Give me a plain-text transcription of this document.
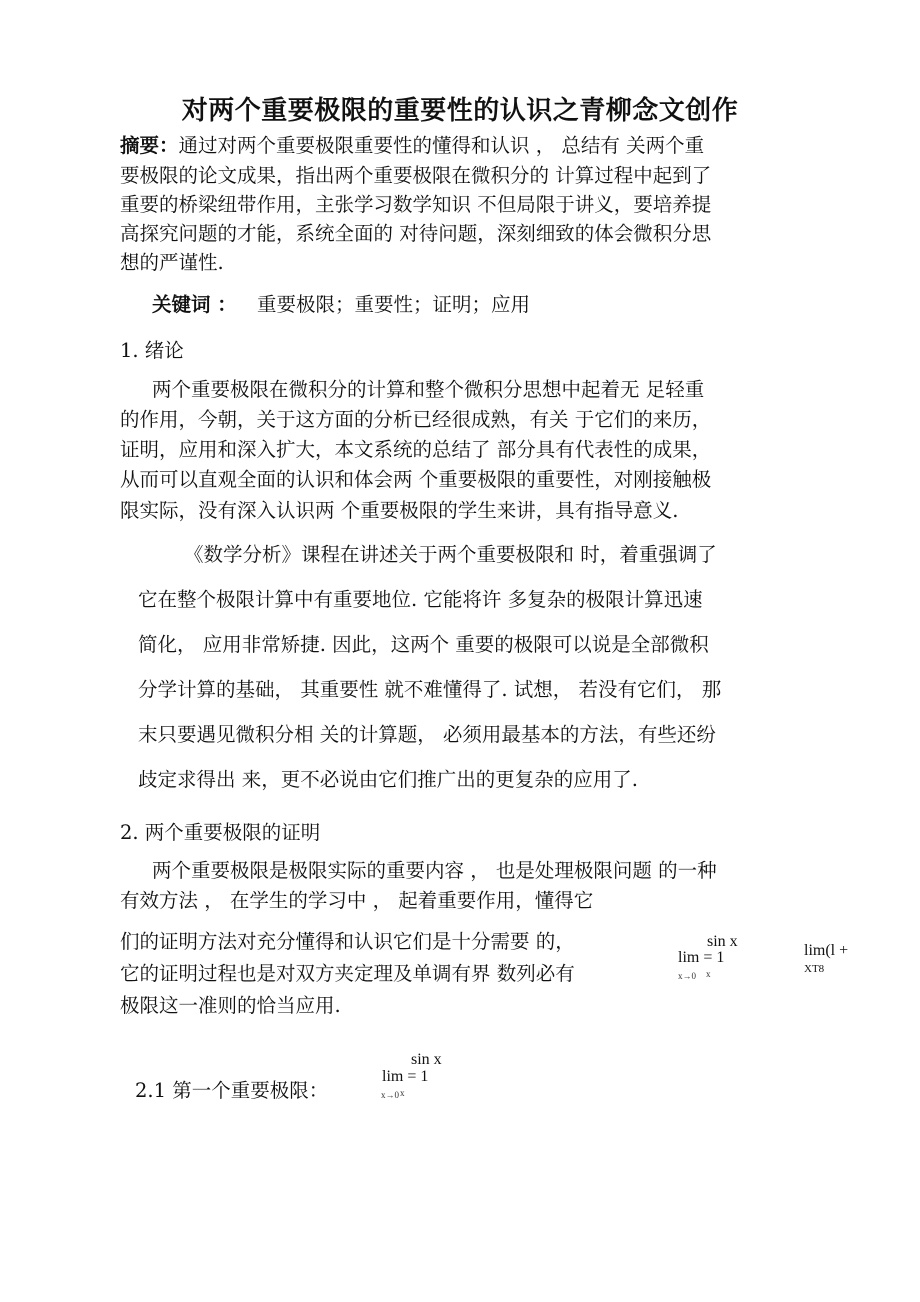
对两个重要极限的重要性的认识之青柳念文创作
摘要：通过对两个重要极限重要性的懂得和认识 ， 总结有 关两个重
要极限的论文成果，指出两个重要极限在微积分的 计算过程中起到了
重要的桥梁纽带作用，主张学习数学知识 不但局限于讲义，要培养提
高探究问题的才能，系统全面的 对待问题，深刻细致的体会微积分思
想的严谨性.
关键词 ： 重要极限；重要性；证明；应用
1. 绪论
两个重要极限在微积分的计算和整个微积分思想中起着无 足轻重
的作用，今朝，关于这方面的分析已经很成熟，有关 于它们的来历，
证明，应用和深入扩大，本文系统的总结了 部分具有代表性的成果，
从而可以直观全面的认识和体会两 个重要极限的重要性，对刚接触极
限实际，没有深入认识两 个重要极限的学生来讲，具有指导意义.
《数学分析》课程在讲述关于两个重要极限和 时，着重强调了
它在整个极限计算中有重要地位. 它能将许 多复杂的极限计算迅速
简化， 应用非常矫捷. 因此，这两个 重要的极限可以说是全部微积
分学计算的基础， 其重要性 就不难懂得了. 试想， 若没有它们， 那
末只要遇见微积分相 关的计算题， 必须用最基本的方法，有些还纷
歧定求得出 来，更不必说由它们推广出的更复杂的应用了.
2. 两个重要极限的证明
两个重要极限是极限实际的重要内容 ， 也是处理极限问题 的一种
有效方法 ， 在学生的学习中 ， 起着重要作用，懂得它
们的证明方法对充分懂得和认识它们是十分需要 的，
它的证明过程也是对双方夹定理及单调有界 数列必有
极限这一准则的恰当应用.
sin x
lim = 1
x→0 x
lim(l +
XT8
2.1 第一个重要极限：
sin x
lim = 1
x→0 x
